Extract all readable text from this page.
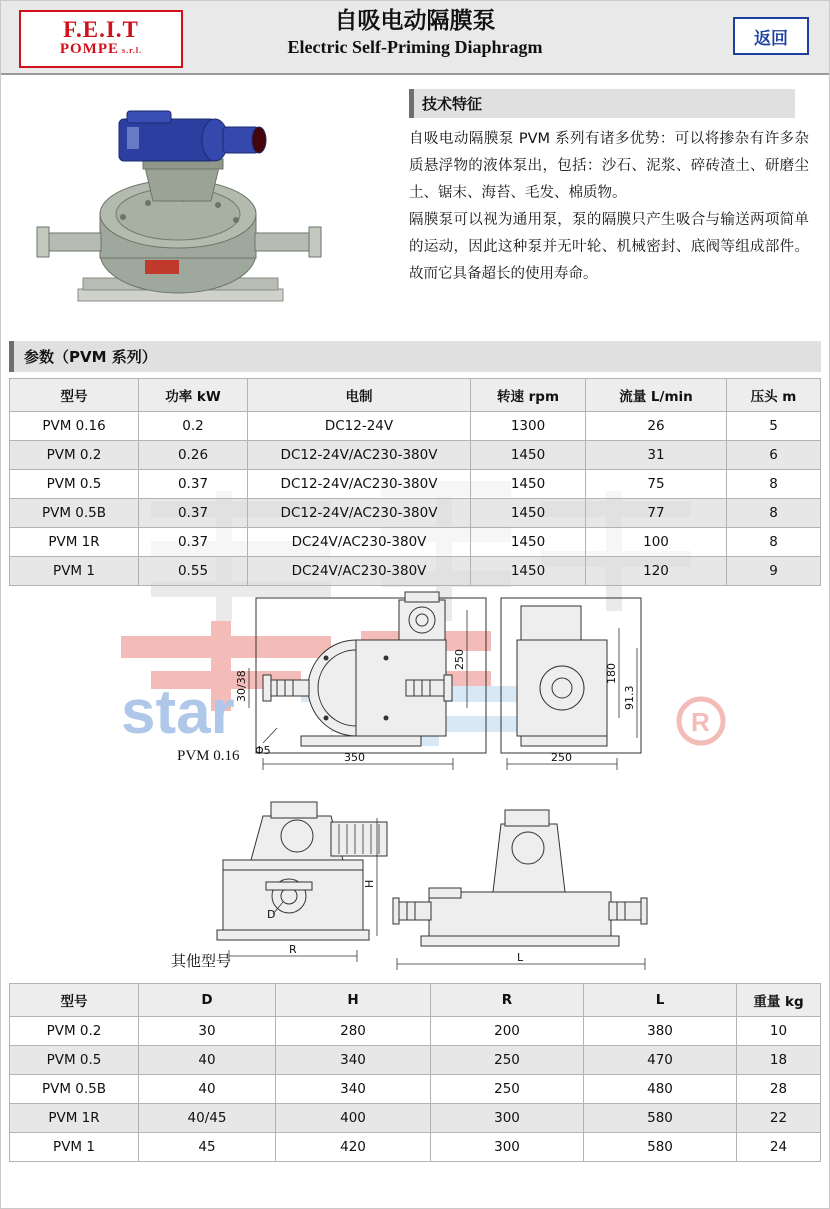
F.E.I.T
POMPE s.r.l.
自吸电动隔膜泵
Electric Self-Priming Diaphragm	返回
技术特征

自吸电动隔膜泵 PVM 系列有诸多优势：可以将掺杂有许多杂质悬浮物的液体泵出，包括：沙石、泥浆、碎砖渣土、研磨尘土、锯末、海苔、毛发、棉质物。

隔膜泵可以视为通用泵，泵的隔膜只产生吸合与输送两项简单的运动，因此这种泵并无叶轮、机械密封、底阀等组成部件。故而它具备超长的使用寿命。

参数（PVM 系列）
star	R
型号	功率 kW	电制	转速 rpm	流量 L/min	压头 m
PVM 0.16	0.2	DC12-24V	1300	26	5
PVM 0.2	0.26	DC12-24V/AC230-380V	1450	31	6
PVM 0.5	0.37	DC12-24V/AC230-380V	1450	75	8
PVM 0.5B	0.37	DC12-24V/AC230-380V	1450	77	8
PVM 1R	0.37	DC24V/AC230-380V	1450	100	8
PVM 1	0.55	DC24V/AC230-380V	1450	120	9
30/38
250
350
Φ5
180
91.3
250
PVM 0.16
H
R
D
L
其他型号
型号	D	H	R	L	重量 kg
PVM 0.2	30	280	200	380	10
PVM 0.5	40	340	250	470	18
PVM 0.5B	40	340	250	480	28
PVM 1R	40/45	400	300	580	22
PVM 1	45	420	300	580	24
